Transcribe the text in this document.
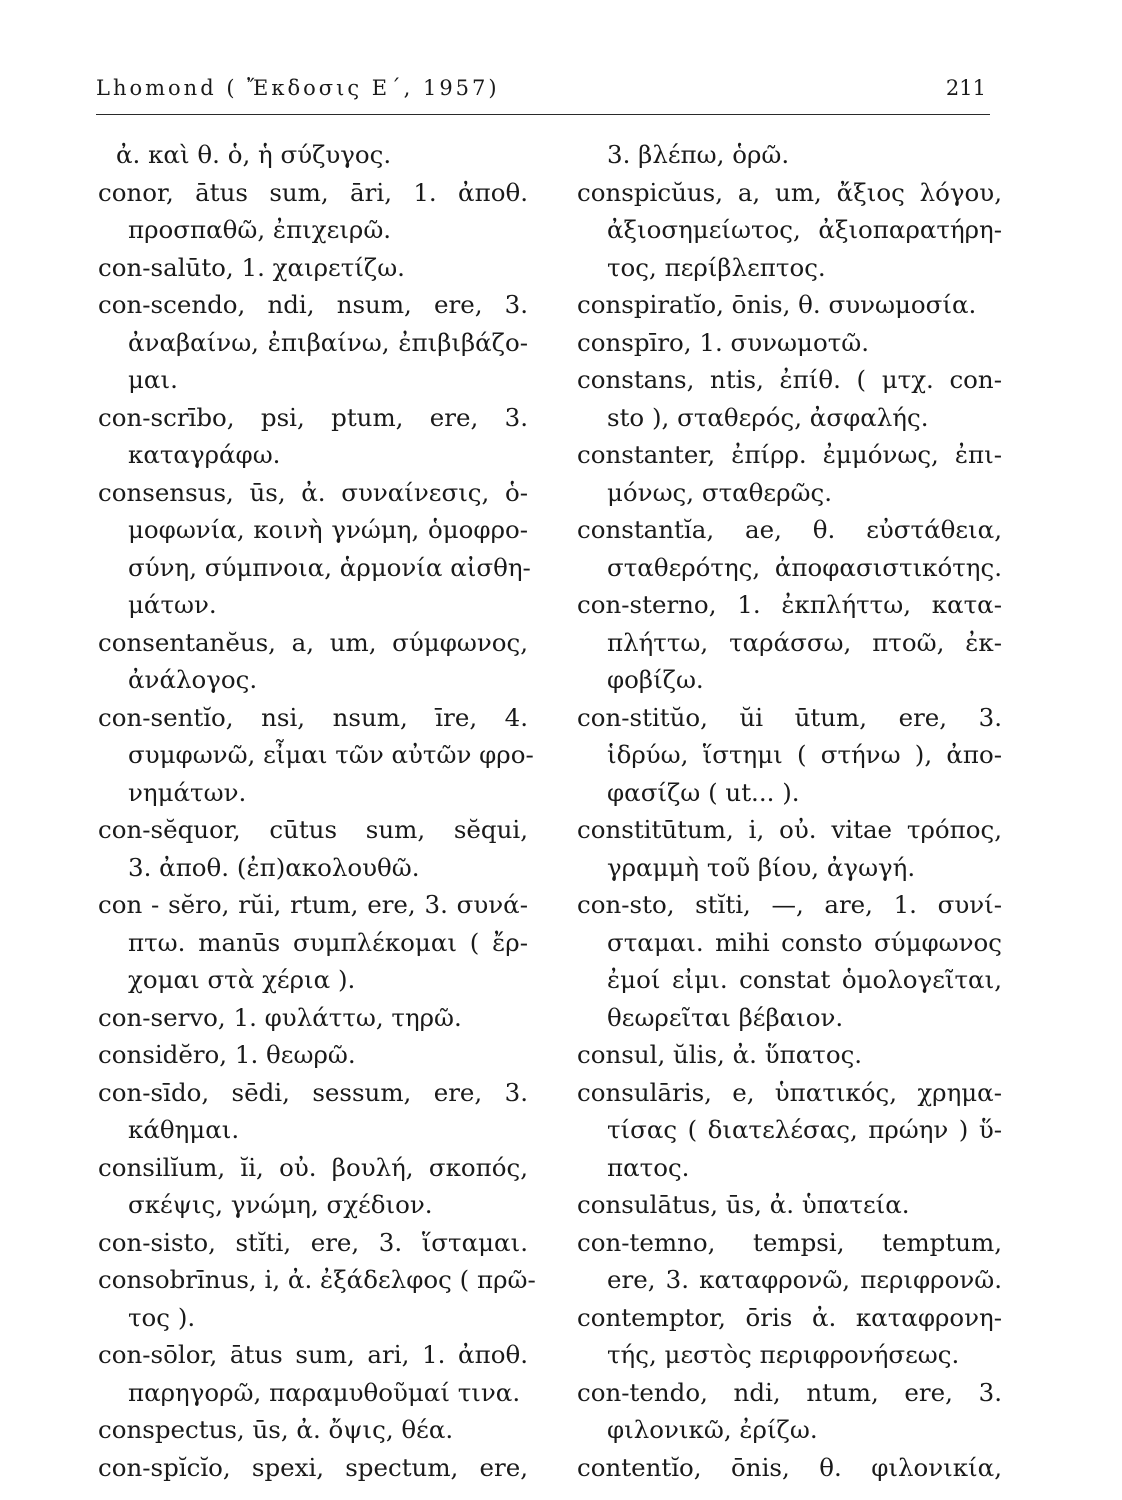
Lhomond ( Ἔκδοσις Ε΄, 1957)	211
ἀ. καὶ θ. ὁ, ἡ σύζυγος.
conor, ātus sum, āri, 1. ἀποθ.
προσπαθῶ, ἐπιχειρῶ.
con-salūto, 1. χαιρετίζω.
con-scendo, ndi, nsum, ere, 3.
ἀναβαίνω, ἐπιβαίνω, ἐπιβιβάζο-
μαι.
con-scrībo, psi, ptum, ere, 3.
καταγράφω.
consensus, ūs, ἀ. συναίνεσις, ὁ-
μοφωνία, κοινὴ γνώμη, ὁμοφρο-
σύνη, σύμπνοια, ἁρμονία αἰσθη-
μάτων.
consentanĕus, a, um, σύμφωνος,
ἀνάλογος.
con-sentĭo, nsi, nsum, īre, 4.
συμφωνῶ, εἶμαι τῶν αὐτῶν φρο-
νημάτων.
con-sĕquor, cūtus sum, sĕqui,
3. ἀποθ. (ἐπ)ακολουθῶ.
con - sĕro, rŭi, rtum, ere, 3. συνά-
πτω. manūs συμπλέκομαι ( ἔρ-
χομαι στὰ χέρια ).
con-servo, 1. φυλάττω, τηρῶ.
considĕro, 1. θεωρῶ.
con-sīdo, sēdi, sessum, ere, 3.
κάθημαι.
consilĭum, ĭi, οὐ. βουλή, σκοπός,
σκέψις, γνώμη, σχέδιον.
con-sisto, stĭti, ere, 3. ἵσταμαι.
consobrīnus, i, ἀ. ἐξάδελφος ( πρῶ-
τος ).
con-sōlor, ātus sum, ari, 1. ἀποθ.
παρηγορῶ, παραμυθοῦμαί τινα.
conspectus, ūs, ἀ. ὄψις, θέα.
con-spĭcĭo, spexi, spectum, ere,
3. βλέπω, ὁρῶ.
conspicŭus, a, um, ἄξιος λόγου,
ἀξιοσημείωτος, ἀξιοπαρατήρη-
τος, περίβλεπτος.
conspiratĭo, ōnis, θ. συνωμοσία.
conspīro, 1. συνωμοτῶ.
constans, ntis, ἐπίθ. ( μτχ. con-
sto ), σταθερός, ἀσφαλής.
constanter, ἐπίρρ. ἐμμόνως, ἐπι-
μόνως, σταθερῶς.
constantĭa, ae, θ. εὐστάθεια,
σταθερότης, ἀποφασιστικότης.
con-sterno, 1. ἐκπλήττω, κατα-
πλήττω, ταράσσω, πτοῶ, ἐκ-
φοβίζω.
con-stitŭo, ŭi ūtum, ere, 3.
ἱδρύω, ἵστημι ( στήνω ), ἀπο-
φασίζω ( ut... ).
constitūtum, i, οὐ. vitae τρόπος,
γραμμὴ τοῦ βίου, ἀγωγή.
con-sto, stĭti, —, are, 1. συνί-
σταμαι. mihi consto σύμφωνος
ἐμοί εἰμι. constat ὁμολογεῖται,
θεωρεῖται βέβαιον.
consul, ŭlis, ἀ. ὕπατος.
consulāris, e, ὑπατικός, χρημα-
τίσας ( διατελέσας, πρώην ) ὕ-
πατος.
consulātus, ūs, ἀ. ὑπατεία.
con-temno, tempsi, temptum,
ere, 3. καταφρονῶ, περιφρονῶ.
contemptor, ōris ἀ. καταφρονη-
τής, μεστὸς περιφρονήσεως.
con-tendo, ndi, ntum, ere, 3.
φιλονικῶ, ἐρίζω.
contentĭo, ōnis, θ. φιλονικία,
